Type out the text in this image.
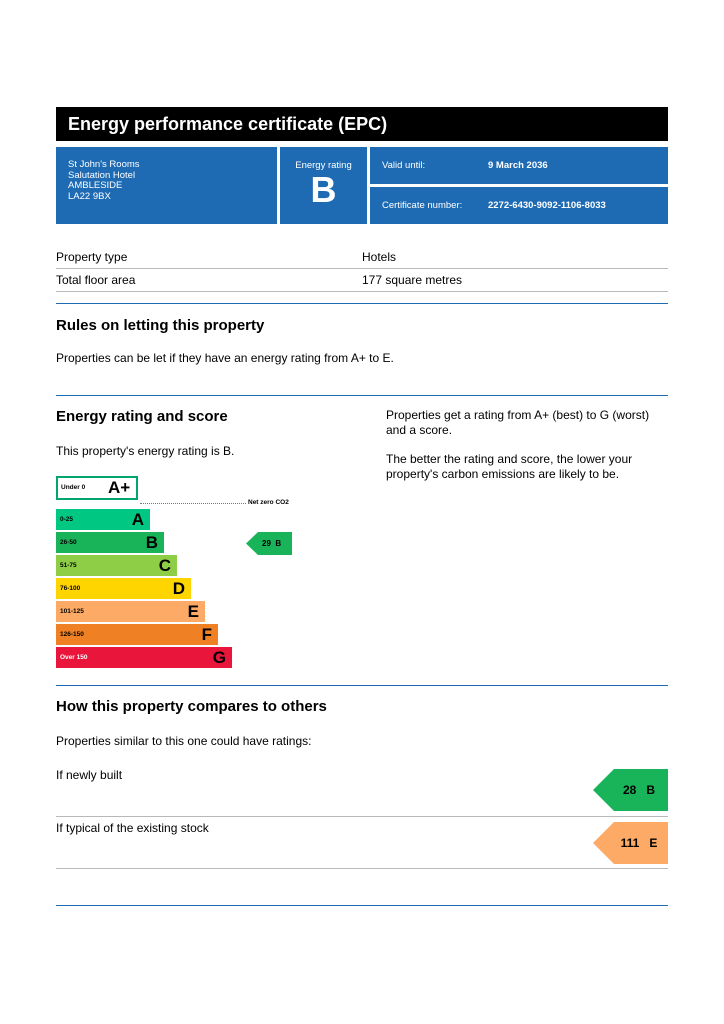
Energy performance certificate (EPC)
St John's Rooms
Salutation Hotel
AMBLESIDE
LA22 9BX
Energy rating
B
Valid until:	9 March 2036
Certificate number:	2272-6430-9092-1106-8033
Property type	Hotels
Total floor area	177 square metres
Rules on letting this property
Properties can be let if they have an energy rating from A+ to E.
Energy rating and score
This property's energy rating is B.
Properties get a rating from A+ (best) to G (worst)
and a score.
The better the rating and score, the lower your
property's carbon emissions are likely to be.
Under 0 A+
Net zero CO2
0-25	A
26-50	B
51-75	C
76-100	D
101-125	E
126-150	F
Over 150	G
29 B
How this property compares to others
Properties similar to this one could have ratings:
If newly built
28 B
If typical of the existing stock
111 E
